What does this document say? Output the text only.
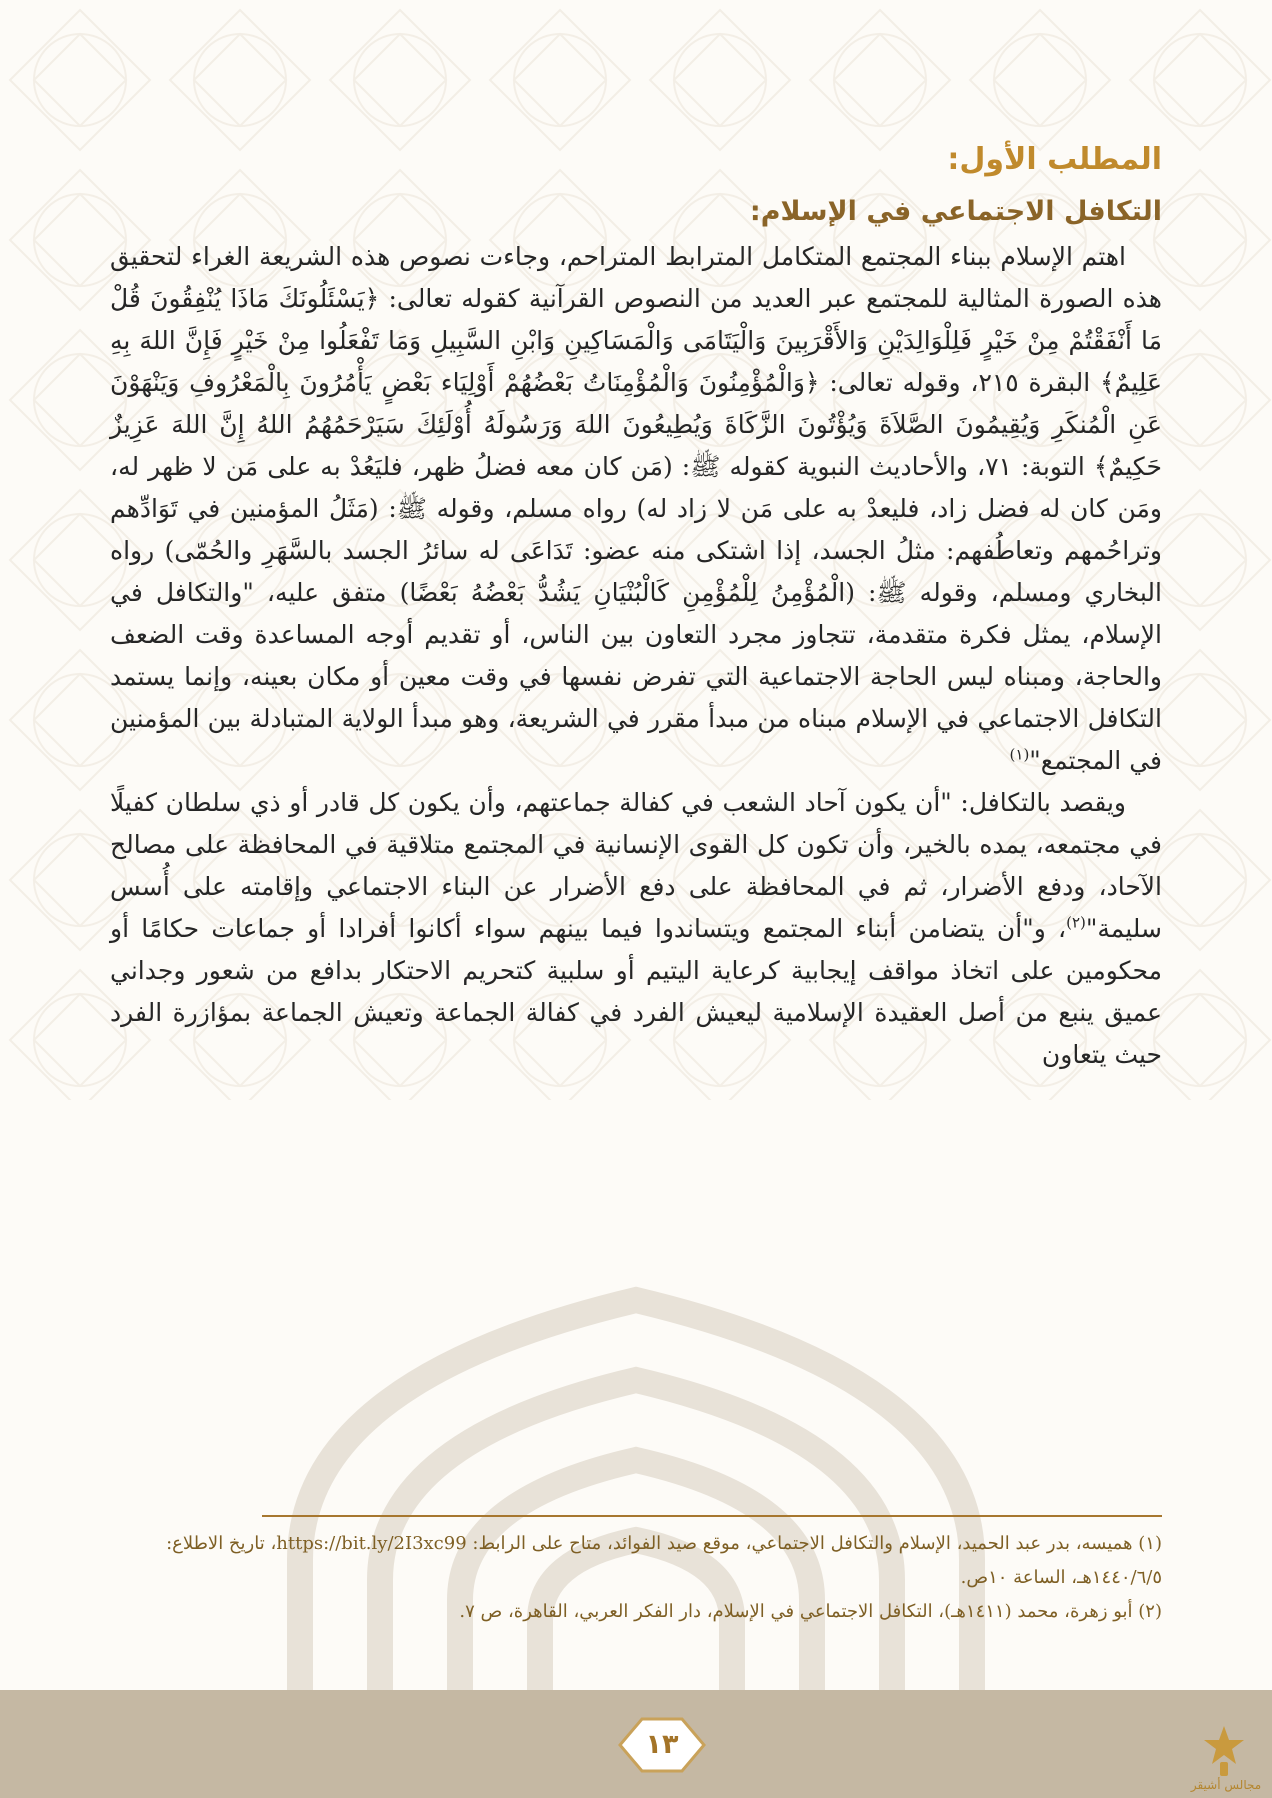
المطلب الأول:
التكافل الاجتماعي في الإسلام:

اهتم الإسلام ببناء المجتمع المتكامل المترابط المتراحم، وجاءت نصوص هذه الشريعة الغراء لتحقيق هذه الصورة المثالية للمجتمع عبر العديد من النصوص القرآنية كقوله تعالى: ﴿يَسْئَلُونَكَ مَاذَا يُنْفِقُونَ قُلْ مَا أَنْفَقْتُمْ مِنْ خَيْرٍ فَلِلْوَالِدَيْنِ وَالأَقْرَبِينَ وَالْيَتَامَى وَالْمَسَاكِينِ وَابْنِ السَّبِيلِ وَمَا تَفْعَلُوا مِنْ خَيْرٍ فَإِنَّ اللهَ بِهِ عَلِيمٌ﴾ البقرة ٢١٥، وقوله تعالى: ﴿وَالْمُؤْمِنُونَ وَالْمُؤْمِنَاتُ بَعْضُهُمْ أَوْلِيَاء بَعْضٍ يَأْمُرُونَ بِالْمَعْرُوفِ وَيَنْهَوْنَ عَنِ الْمُنكَرِ وَيُقِيمُونَ الصَّلاَةَ وَيُؤْتُونَ الزَّكَاةَ وَيُطِيعُونَ اللهَ وَرَسُولَهُ أُوْلَئِكَ سَيَرْحَمُهُمُ اللهُ إِنَّ اللهَ عَزِيزٌ حَكِيمٌ﴾ التوبة: ٧١، والأحاديث النبوية كقوله ﷺ: (مَن كان معه فضلُ ظهر، فليَعُدْ به على مَن لا ظهر له، ومَن كان له فضل زاد، فليعدْ به على مَن لا زاد له) رواه مسلم، وقوله ﷺ: (مَثَلُ المؤمنين في تَوَادِّهم وتراحُمهم وتعاطُفهم: مثلُ الجسد، إذا اشتكى منه عضو: تَدَاعَى له سائرُ الجسد بالسَّهَرِ والحُمّى) رواه البخاري ومسلم، وقوله ﷺ: (الْمُؤْمِنُ لِلْمُؤْمِنِ كَالْبُنْيَانِ يَشُدُّ بَعْضُهُ بَعْضًا) متفق عليه، "والتكافل في الإسلام، يمثل فكرة متقدمة، تتجاوز مجرد التعاون بين الناس، أو تقديم أوجه المساعدة وقت الضعف والحاجة، ومبناه ليس الحاجة الاجتماعية التي تفرض نفسها في وقت معين أو مكان بعينه، وإنما يستمد التكافل الاجتماعي في الإسلام مبناه من مبدأ مقرر في الشريعة، وهو مبدأ الولاية المتبادلة بين المؤمنين في المجتمع"$^{(١)}$

ويقصد بالتكافل: "أن يكون آحاد الشعب في كفالة جماعتهم، وأن يكون كل قادر أو ذي سلطان كفيلًا في مجتمعه، يمده بالخير، وأن تكون كل القوى الإنسانية في المجتمع متلاقية في المحافظة على مصالح الآحاد، ودفع الأضرار، ثم في المحافظة على دفع الأضرار عن البناء الاجتماعي وإقامته على أُسس سليمة"$^{(٢)}$، و"أن يتضامن أبناء المجتمع ويتساندوا فيما بينهم سواء أكانوا أفرادا أو جماعات حكامًا أو محكومين على اتخاذ مواقف إيجابية كرعاية اليتيم أو سلبية كتحريم الاحتكار بدافع من شعور وجداني عميق ينبع من أصل العقيدة الإسلامية ليعيش الفرد في كفالة الجماعة وتعيش الجماعة بمؤازرة الفرد حيث يتعاون

(١) هميسه، بدر عبد الحميد، الإسلام والتكافل الاجتماعي، موقع صيد الفوائد، متاح على الرابط: https://bit.ly/2I3xc99، تاريخ الاطلاع: ١٤٤٠/٦/٥هـ، الساعة ١٠ص.

(٢) أبو زهرة، محمد (١٤١١هـ)، التكافل الاجتماعي في الإسلام، دار الفكر العربي، القاهرة، ص ٧.

١٣
مجالس أشيقر
